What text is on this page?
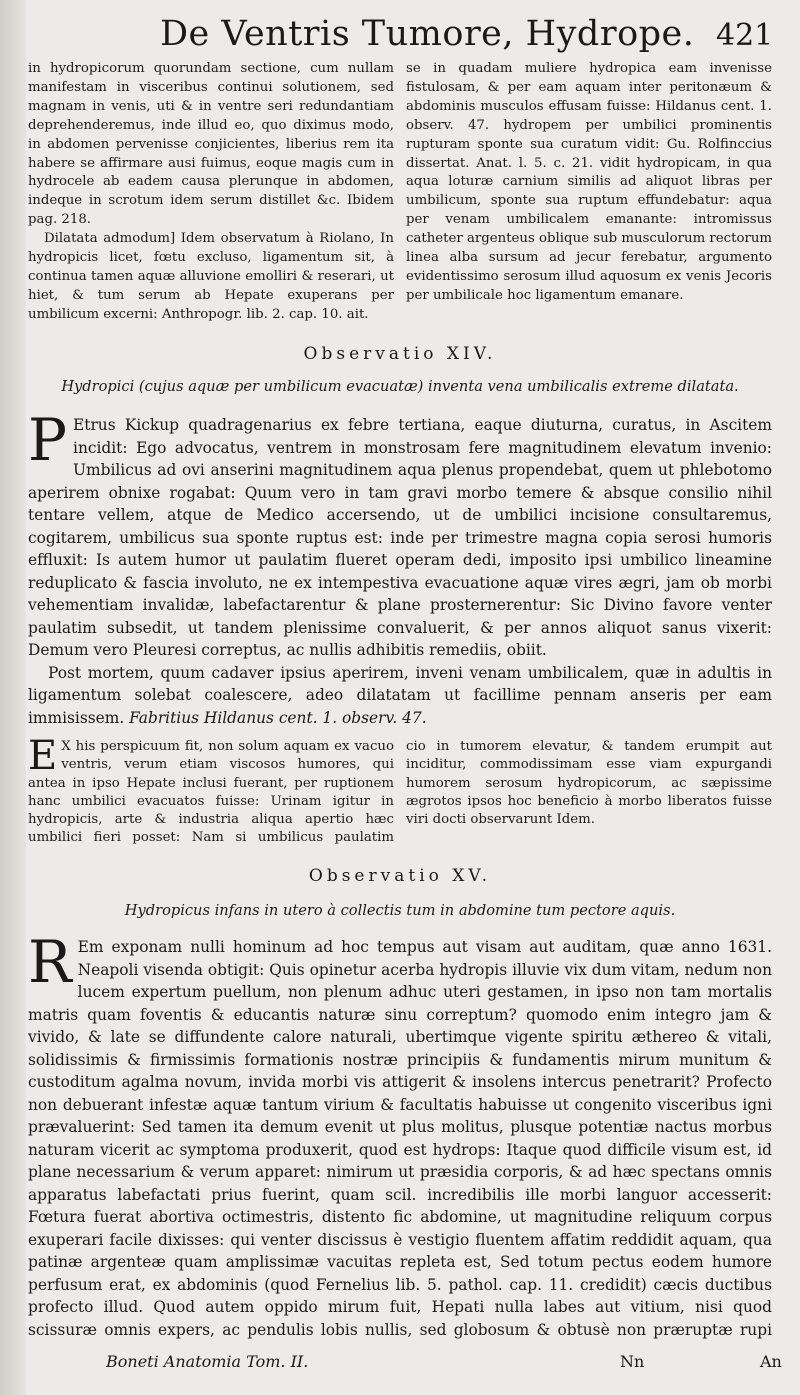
De Ventris Tumore, Hydrope. 421

in hydropicorum quorundam sectione, cum nullam manifestam in visceribus continui solutionem, sed magnam in venis, uti & in ventre seri redundantiam deprehenderemus, inde illud eo, quo diximus modo, in abdomen pervenisse conjicientes, liberius rem ita habere se affirmare ausi fuimus, eoque magis cum in hydrocele ab eadem causa plerunque in abdomen, indeque in scrotum idem serum distillet &c. Ibidem pag. 218.

Dilatata admodum] Idem observatum à Riolano, In hydropicis licet, fœtu excluso, ligamentum sit, à continua tamen aquæ alluvione emolliri & reserari, ut hiet, & tum serum ab Hepate exuperans per umbilicum excerni: Anthropogr. lib. 2. cap. 10. ait.

se in quadam muliere hydropica eam invenisse fistulosam, & per eam aquam inter peritonæum & abdominis musculos effusam fuisse: Hildanus cent. 1. observ. 47. hydropem per umbilici prominentis rupturam sponte sua curatum vidit: Gu. Rolfinccius dissertat. Anat. l. 5. c. 21. vidit hydropicam, in qua aqua loturæ carnium similis ad aliquot libras per umbilicum, sponte sua ruptum effundebatur: aqua per venam umbilicalem emanante: intromissus catheter argenteus oblique sub musculorum rectorum linea alba sursum ad jecur ferebatur, argumento evidentissimo serosum illud aquosum ex venis Jecoris per umbilicale hoc ligamentum emanare.

Observatio XIV.
Hydropici (cujus aquæ per umbilicum evacuatæ) inventa vena umbilicalis extreme dilatata.

P Etrus Kickup quadragenarius ex febre tertiana, eaque diuturna, curatus, in Ascitem incidit: Ego advocatus, ventrem in monstrosam fere magnitudinem elevatum invenio: Umbilicus ad ovi anserini magnitudinem aqua plenus propendebat, quem ut phlebotomo aperirem obnixe rogabat: Quum vero in tam gravi morbo temere & absque consilio nihil tentare vellem, atque de Medico accersendo, ut de umbilici incisione consultaremus, cogitarem, umbilicus sua sponte ruptus est: inde per trimestre magna copia serosi humoris effluxit: Is autem humor ut paulatim flueret operam dedi, imposito ipsi umbilico lineamine reduplicato & fascia involuto, ne ex intempestiva evacuatione aquæ vires ægri, jam ob morbi vehementiam invalidæ, labefactarentur & plane prosternerentur: Sic Divino favore venter paulatim subsedit, ut tandem plenissime convaluerit, & per annos aliquot sanus vixerit: Demum vero Pleuresi correptus, ac nullis adhibitis remediis, obiit.

Post mortem, quum cadaver ipsius aperirem, inveni venam umbilicalem, quæ in adultis in ligamentum solebat coalescere, adeo dilatatam ut facillime pennam anseris per eam immisissem. Fabritius Hildanus cent. 1. observ. 47.

E X his perspicuum fit, non solum aquam ex vacuo ventris, verum etiam viscosos humores, qui antea in ipso Hepate inclusi fuerant, per ruptionem hanc umbilici evacuatos fuisse: Urinam igitur in hydropicis, arte & industria aliqua apertio hæc umbilici fieri posset: Nam si umbilicus paulatim

cio in tumorem elevatur, & tandem erumpit aut inciditur, commodissimam esse viam expurgandi humorem serosum hydropicorum, ac sæpissime ægrotos ipsos hoc beneficio à morbo liberatos fuisse viri docti observarunt Idem.

Observatio XV.
Hydropicus infans in utero à collectis tum in abdomine tum pectore aquis.

R Em exponam nulli hominum ad hoc tempus aut visam aut auditam, quæ anno 1631. Neapoli visenda obtigit: Quis opinetur acerba hydropis illuvie vix dum vitam, nedum non lucem expertum puellum, non plenum adhuc uteri gestamen, in ipso non tam mortalis matris quam foventis & educantis naturæ sinu correptum? quomodo enim integro jam & vivido, & late se diffundente calore naturali, ubertimque vigente spiritu æthereo & vitali, solidissimis & firmissimis formationis nostræ principiis & fundamentis mirum munitum & custoditum agalma novum, invida morbi vis attigerit & insolens intercus penetrarit? Profecto non debuerant infestæ aquæ tantum virium & facultatis habuisse ut congenito visceribus igni prævaluerint: Sed tamen ita demum evenit ut plus molitus, plusque potentiæ nactus morbus naturam vicerit ac symptoma produxerit, quod est hydrops: Itaque quod difficile visum est, id plane necessarium & verum apparet: nimirum ut præsidia corporis, & ad hæc spectans omnis apparatus labefactati prius fuerint, quam scil. incredibilis ille morbi languor accesserit: Fœtura fuerat abortiva octimestris, distento fic abdomine, ut magnitudine reliquum corpus exuperari facile dixisses: qui venter discissus è vestigio fluentem affatim reddidit aquam, qua patinæ argenteæ quam amplissimæ vacuitas repleta est, Sed totum pectus eodem humore perfusum erat, ex abdominis (quod Fernelius lib. 5. pathol. cap. 11. credidit) cæcis ductibus profecto illud. Quod autem oppido mirum fuit, Hepati nulla labes aut vitium, nisi quod scissuræ omnis expers, ac pendulis lobis nullis, sed globosum & obtusè non præruptæ rupi

Boneti Anatomia Tom. II.	Nn	An
